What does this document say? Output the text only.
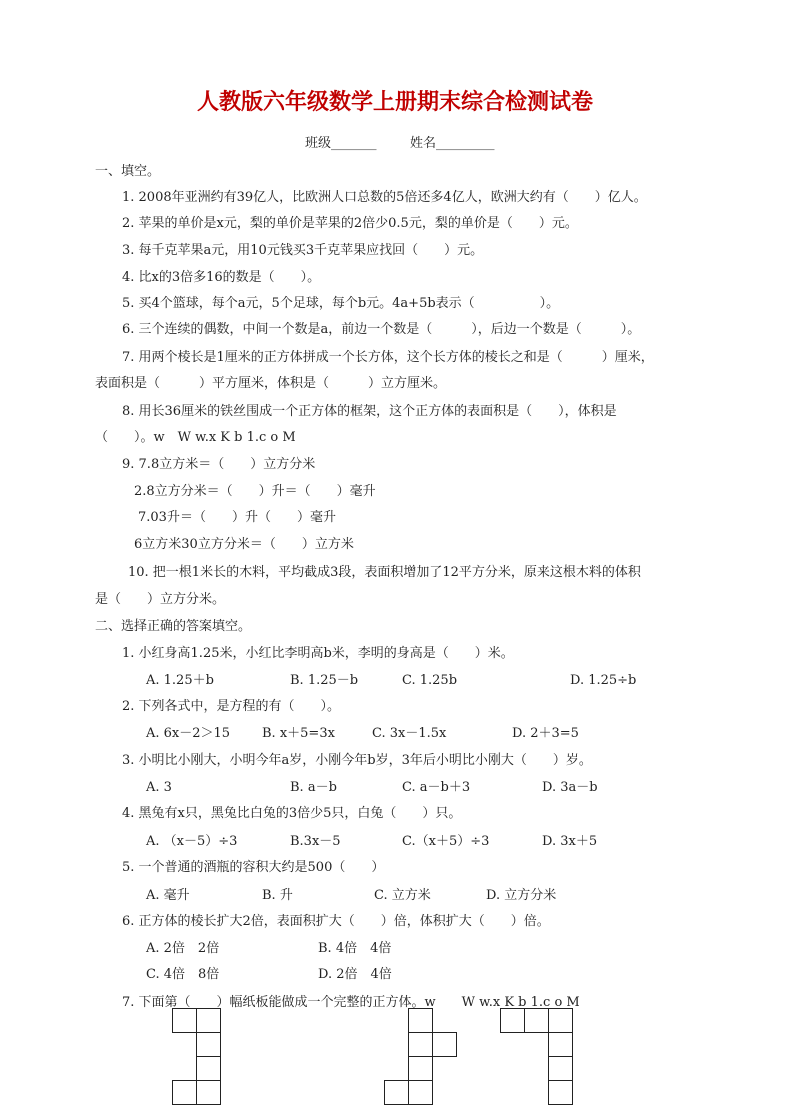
人教版六年级数学上册期末综合检测试卷
班级_______	姓名_________
一、填空。
1. 2008年亚洲约有39亿人，比欧洲人口总数的5倍还多4亿人，欧洲大约有（　　）亿人。
2. 苹果的单价是x元，梨的单价是苹果的2倍少0.5元，梨的单价是（　　）元。
3. 每千克苹果a元，用10元钱买3千克苹果应找回（　　）元。
4. 比x的3倍多16的数是（　　）。
5. 买4个篮球，每个a元，5个足球，每个b元。4a+5b表示（　　　　　）。
6. 三个连续的偶数，中间一个数是a，前边一个数是（　　　），后边一个数是（　　　）。
7. 用两个棱长是1厘米的正方体拼成一个长方体，这个长方体的棱长之和是（　　　）厘米，
表面积是（　　　）平方厘米，体积是（　　　）立方厘米。
8. 用长36厘米的铁丝围成一个正方体的框架，这个正方体的表面积是（　　），体积是
（　　）。w　W w.x K b 1.c o M
9. 7.8立方米＝（　　）立方分米
2.8立方分米＝（　　）升＝（　　）毫升
7.03升＝（　　）升（　　）毫升
6立方米30立方分米＝（　　）立方米
10. 把一根1米长的木料，平均截成3段，表面积增加了12平方分米，原来这根木料的体积
是（　　）立方分米。
二、选择正确的答案填空。
1. 小红身高1.25米，小红比李明高b米，李明的身高是（　　）米。
A. 1.25＋b	B. 1.25－b	C. 1.25b	D. 1.25÷b
2. 下列各式中，是方程的有（　　）。
A. 6x－2＞15 B. x＋5=3x	C. 3x－1.5x	D. 2＋3=5
3. 小明比小刚大，小明今年a岁，小刚今年b岁，3年后小明比小刚大（　　）岁。
A. 3	B. a－b	C. a－b＋3	D. 3a－b
4. 黑兔有x只，黑兔比白兔的3倍少5只，白兔（　　）只。
A. （x－5）÷3	B.3x－5	C.（x＋5）÷3	D. 3x＋5
5. 一个普通的酒瓶的容积大约是500（　　）
A. 毫升	B. 升	C. 立方米	D. 立方分米
6. 正方体的棱长扩大2倍，表面积扩大（　　）倍，体积扩大（　　）倍。
A. 2倍　2倍	B. 4倍　4倍
C. 4倍　8倍	D. 2倍　4倍
7. 下面第（　　）幅纸板能做成一个完整的正方体。w　　W w.x K b 1.c o M
